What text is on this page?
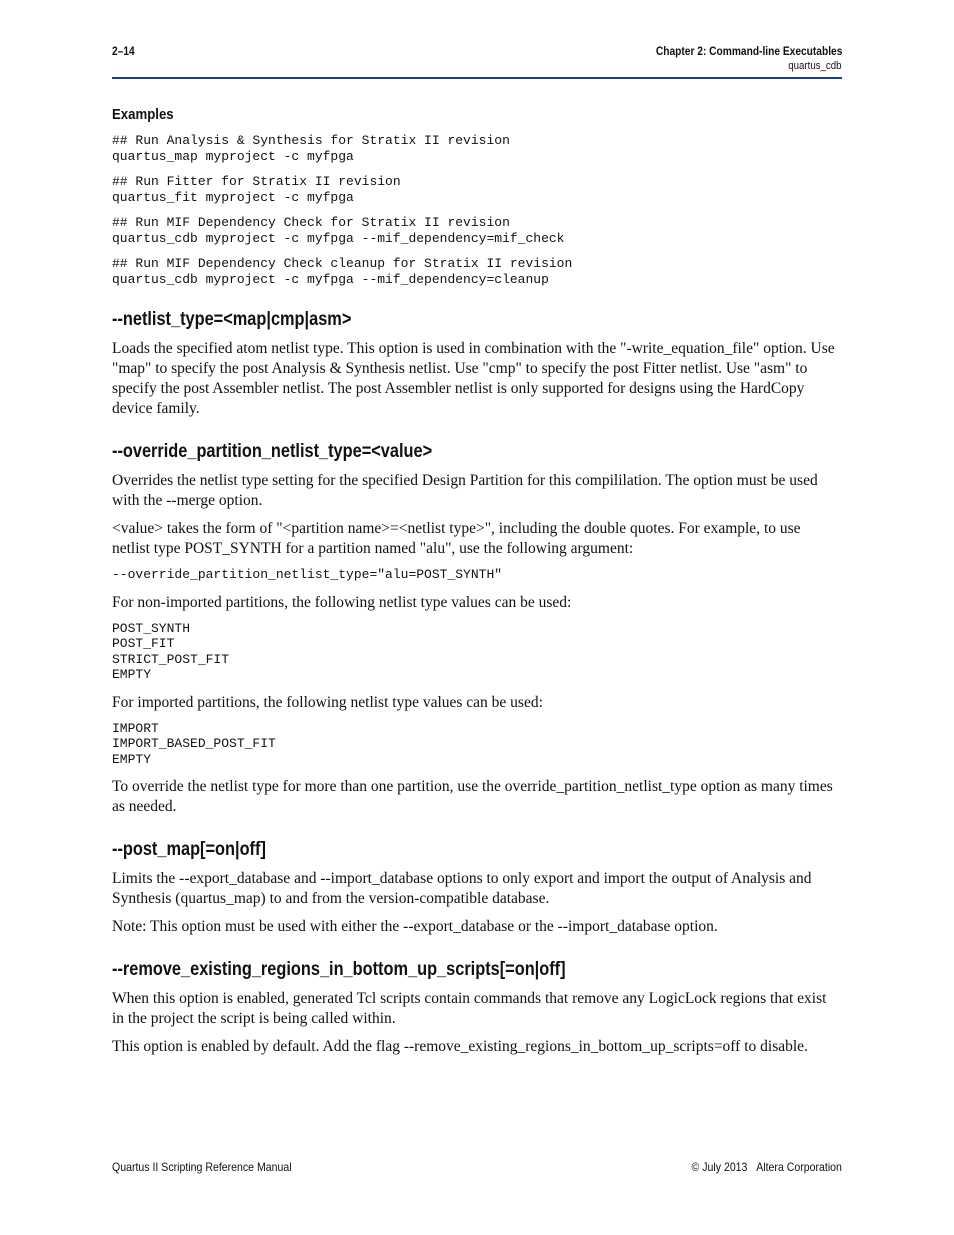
2–14	Chapter 2: Command-line Executables
quartus_cdb
Examples
## Run Analysis & Synthesis for Stratix II revision
quartus_map myproject -c myfpga
## Run Fitter for Stratix II revision
quartus_fit myproject -c myfpga
## Run MIF Dependency Check for Stratix II revision
quartus_cdb myproject -c myfpga --mif_dependency=mif_check
## Run MIF Dependency Check cleanup for Stratix II revision
quartus_cdb myproject -c myfpga --mif_dependency=cleanup
--netlist_type=<map|cmp|asm>

Loads the specified atom netlist type. This option is used in combination with the "-write_equation_file" option. Use "map" to specify the post Analysis & Synthesis netlist. Use "cmp" to specify the post Fitter netlist. Use "asm" to specify the post Assembler netlist. The post Assembler netlist is only supported for designs using the HardCopy device family.

--override_partition_netlist_type=<value>

Overrides the netlist type setting for the specified Design Partition for this compililation. The option must be used with the --merge option.

<value> takes the form of "<partition name>=<netlist type>", including the double quotes. For example, to use netlist type POST_SYNTH for a partition named "alu", use the following argument:

--override_partition_netlist_type="alu=POST_SYNTH"

For non-imported partitions, the following netlist type values can be used:

POST_SYNTH
POST_FIT
STRICT_POST_FIT
EMPTY

For imported partitions, the following netlist type values can be used:

IMPORT
IMPORT_BASED_POST_FIT
EMPTY

To override the netlist type for more than one partition, use the override_partition_netlist_type option as many times as needed.

--post_map[=on|off]

Limits the --export_database and --import_database options to only export and import the output of Analysis and Synthesis (quartus_map) to and from the version-compatible database.

Note: This option must be used with either the --export_database or the --import_database option.

--remove_existing_regions_in_bottom_up_scripts[=on|off]

When this option is enabled, generated Tcl scripts contain commands that remove any LogicLock regions that exist in the project the script is being called within.

This option is enabled by default. Add the flag --remove_existing_regions_in_bottom_up_scripts=off to disable.

Quartus II Scripting Reference Manual	© July 2013 Altera Corporation
